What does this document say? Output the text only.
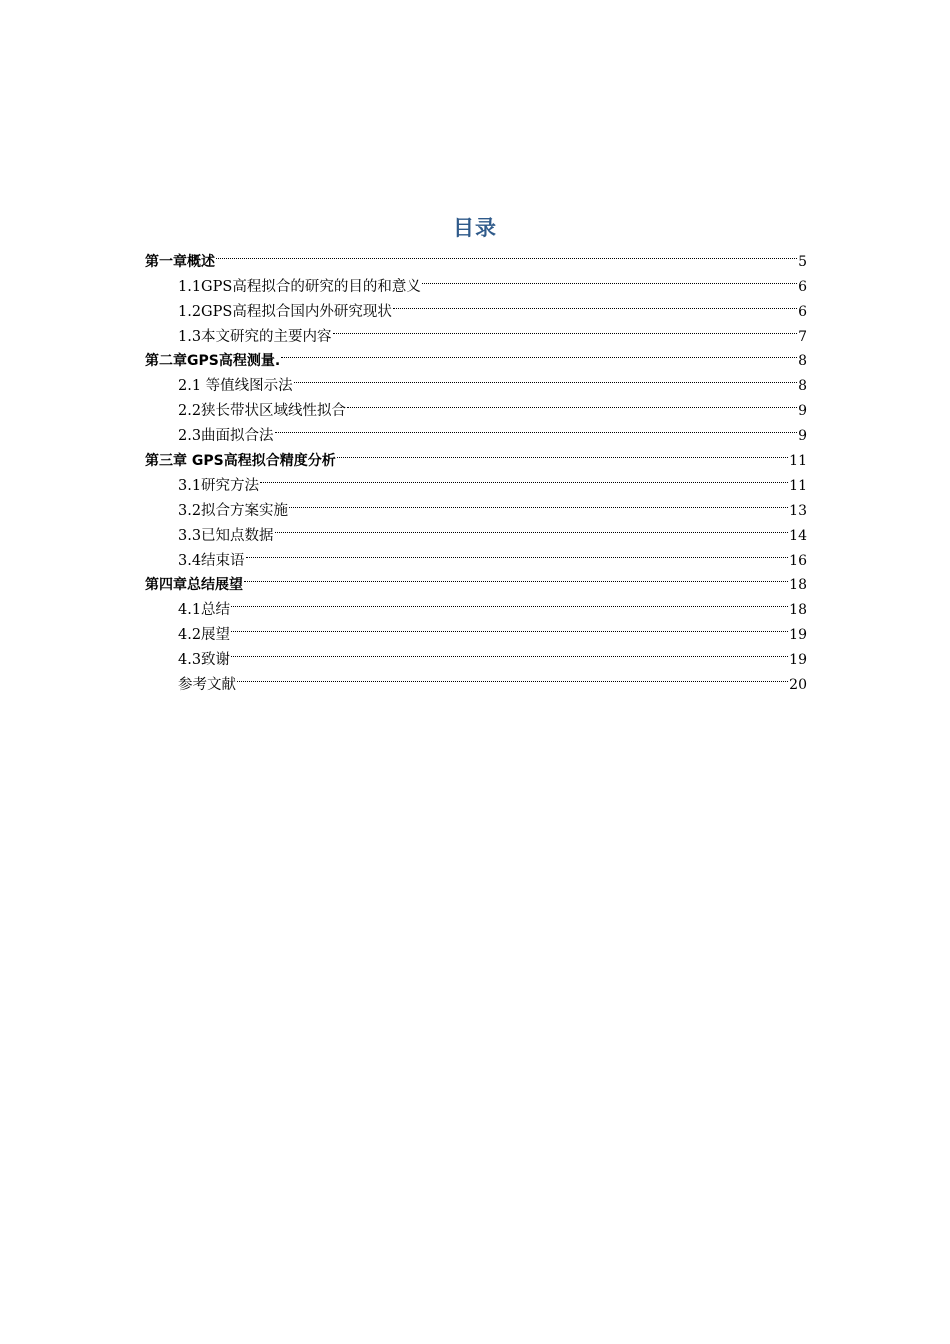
目录
第一章概述	5
1.1GPS高程拟合的研究的目的和意义	6
1.2GPS高程拟合国内外研究现状	6
1.3本文研究的主要内容	7
第二章GPS高程测量.	8
2.1 等值线图示法	8
2.2狭长带状区域线性拟合	9
2.3曲面拟合法	9
第三章 GPS高程拟合精度分析	11
3.1研究方法	11
3.2拟合方案实施	13
3.3已知点数据	14
3.4结束语	16
第四章总结展望	18
4.1总结	18
4.2展望	19
4.3致谢	19
参考文献	20
